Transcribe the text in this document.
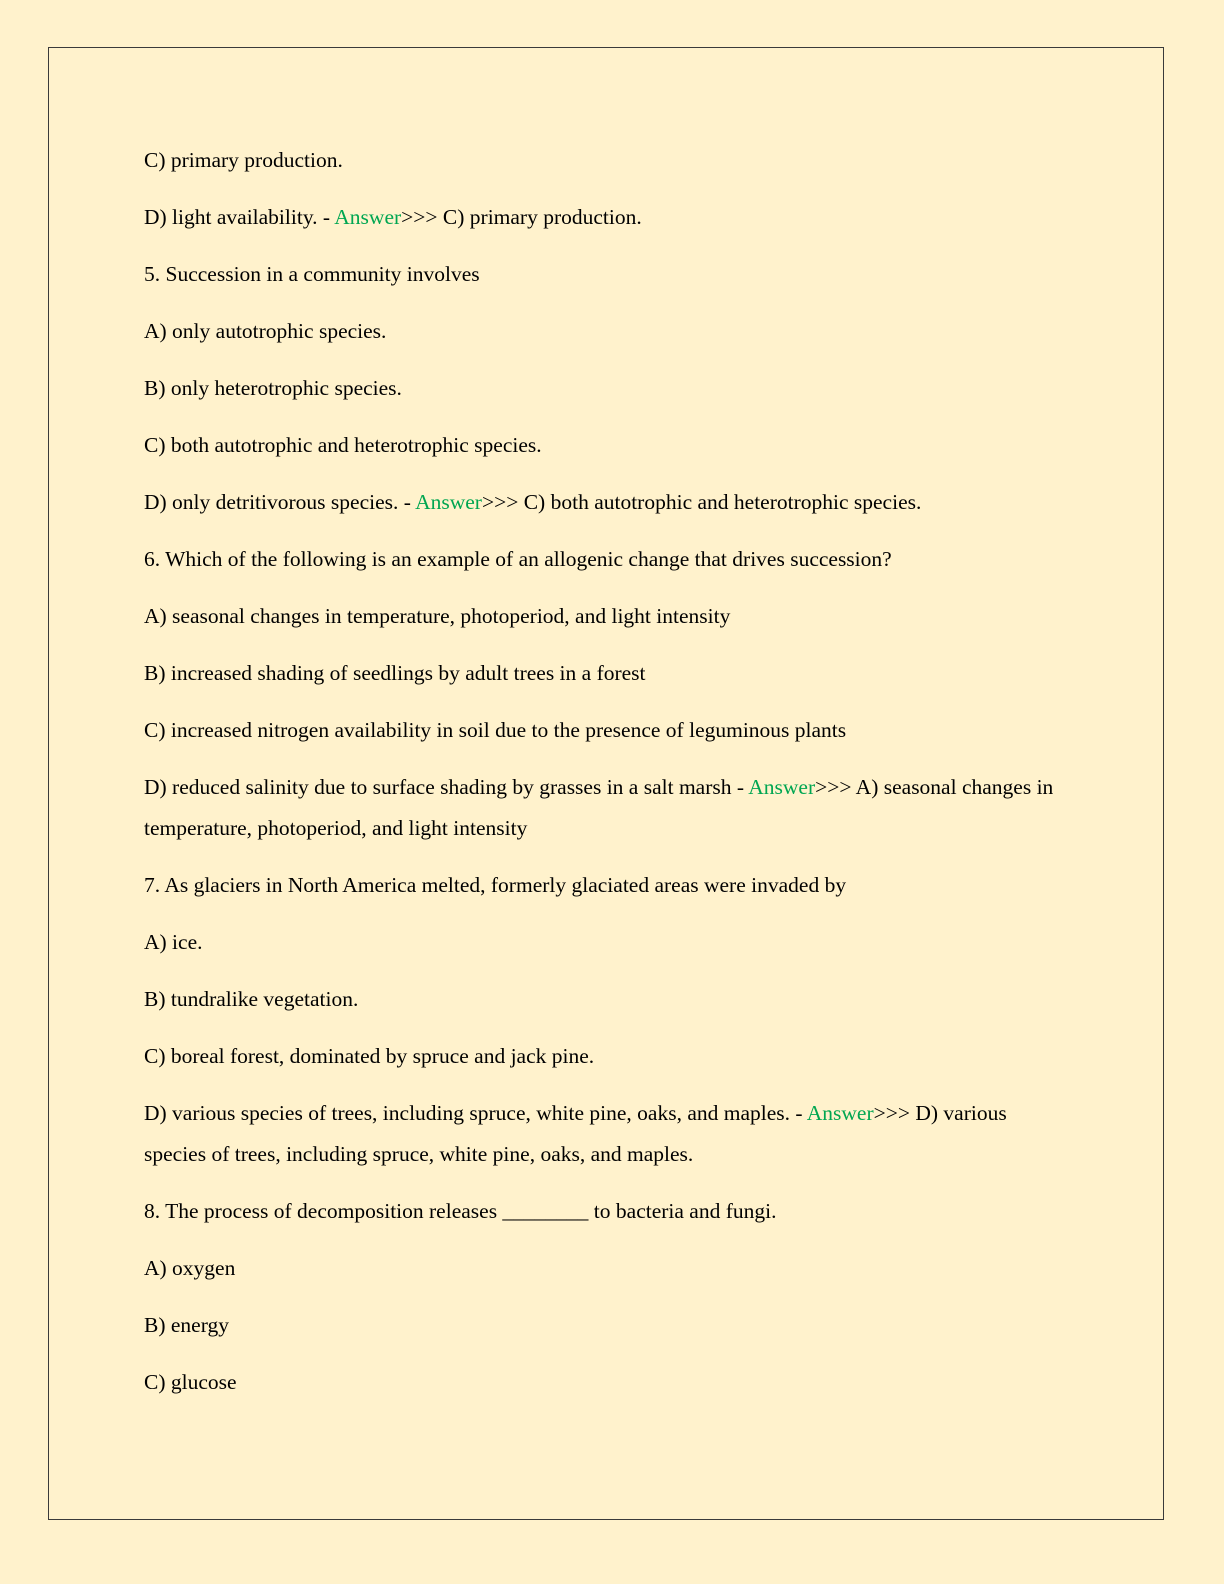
C) primary production.

D) light availability. - Answer>>> C) primary production.

5. Succession in a community involves

A) only autotrophic species.

B) only heterotrophic species.

C) both autotrophic and heterotrophic species.

D) only detritivorous species. - Answer>>> C) both autotrophic and heterotrophic species.

6. Which of the following is an example of an allogenic change that drives succession?

A) seasonal changes in temperature, photoperiod, and light intensity

B) increased shading of seedlings by adult trees in a forest

C) increased nitrogen availability in soil due to the presence of leguminous plants

D) reduced salinity due to surface shading by grasses in a salt marsh - Answer>>> A) seasonal changes in temperature, photoperiod, and light intensity

7. As glaciers in North America melted, formerly glaciated areas were invaded by

A) ice.

B) tundralike vegetation.

C) boreal forest, dominated by spruce and jack pine.

D) various species of trees, including spruce, white pine, oaks, and maples. - Answer>>> D) various species of trees, including spruce, white pine, oaks, and maples.

8. The process of decomposition releases ________ to bacteria and fungi.

A) oxygen

B) energy

C) glucose
